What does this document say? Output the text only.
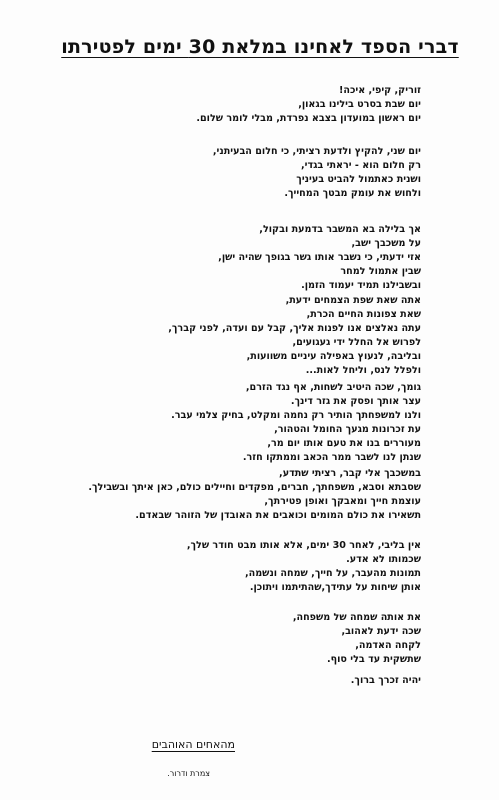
דברי הספד לאחינו במלאת 30 ימים לפטירתו
זוריק, קיפי, איכה!
יום שבת בסרט בילינו בגאון,
יום ראשון במועדון בצבא נפרדת, מבלי לומר שלום.
יום שני, להקיץ ולדעת רציתי, כי חלום הבעיתני,
רק חלום הוא - יראתי בגדי,
ושנית כאתמול להביט בעיניך
ולחוש את עומק מבטך המחייך.
אך בלילה בא המשבר בדמעת ובקול,
על משכבך ישב,
אזי ידעתי, כי נשבר אותו גשר בגופך שהיה ישן,
שבין אתמול למחר
ובשבילנו תמיד יעמוד הזמן.
אתה שאת שפת הצמחים ידעת,
שאת צפונות החיים הכרת,
עתה נאלצים אנו לפנות אליך, קבל עם ועדה, לפני קברך,
לפרוש אל החלל ידי געגועים,
ובליבה, לנעוץ באפילה עיניים משוועות,
ולפלל לנס, וליחל לאות...
גומך, שכה היטיב לשחות, אף נגד הזרם,
עצר אותך ופסק את גזר דינך.
ולנו למשפחתך הותיר רק נחמה ומקלט, בחיק צלמי עבר.
עת זכרונות מגעך החומל והטהור,
מעוררים בנו את טעם אותו יום מר,
שנתן לנו לשבר ממר הכאב וממתקו חזר.
במשכבך אלי קבר, רציתי שתדע,
שסבתא וסבא, משפחתך, חברים, מפקדים וחיילים כולם, כאן איתך ובשבילך.
עוצמת חייך ומאבקך ואופן פטירתך,
תשאירו את כולם המומים וכואבים את האובדן של הזוהר שבאדם.
אין בליבי, לאחר 30 ימים, אלא אותו מבט חודר שלך,
שכמותו לא אדע.
תמונות מהעבר, על חייך, שמחה ונשמה,
אותן שיחות על עתידך,שהתיתמו ויתוכן.
את אותה שמחה של משפחה,
שכה ידעת לאהוב,
לקחה האדמה,
שתשקית עד בלי סוף.
יהיה זכרך ברוך.
מהאחים האוהבים
צמרת ודרור.
